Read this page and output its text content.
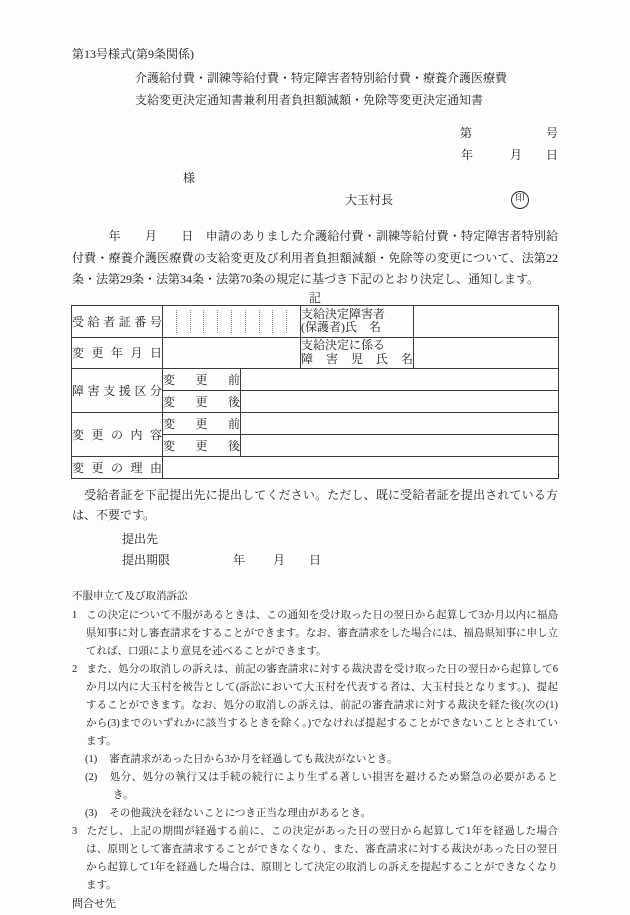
第13号様式(第9条関係)
介護給付費・訓練等給付費・特定障害者特別給付費・療養介護医療費
支給変更決定通知書兼利用者負担額減額・免除等変更決定通知書
第	号
年	月 日
様
大玉村長	印
　　　年　　月　　日　申請のありました介護給付費・訓練等給付費・特定障害者特別給付費・療養介護医療費の支給変更及び利用者負担額減額・免除等の変更について、法第22条・法第29条・法第34条・法第70条の規定に基づき下記のとおり決定し、通知します。
記
受給者証番号			支給決定障害者
(保護者)氏　名	

変更年月日			支給決定に係る
障害児氏名	

障害支援区分	変更前			
	変更後			
変更の内容	変更前			
	変更後			
変更の理由				
　受給者証を下記提出先に提出してください。ただし、既に受給者証を提出されている方は、不要です。
提出先
提出期限	年 月 日
不服申立て及び取消訴訟
1 この決定について不服があるときは、この通知を受け取った日の翌日から起算して3か月以内に福島県知事に対し審査請求をすることができます。なお、審査請求をした場合には、福島県知事に申し立てれば、口頭により意見を述べることができます。
2 また、処分の取消しの訴えは、前記の審査請求に対する裁決書を受け取った日の翌日から起算して6か月以内に大玉村を被告として(訴訟において大玉村を代表する者は、大玉村長となります。)、提起することができます。なお、処分の取消しの訴えは、前記の審査請求に対する裁決を経た後(次の(1)から(3)までのいずれかに該当するときを除く。)でなければ提起することができないこととされています。
(1) 審査請求があった日から3か月を経過しても裁決がないとき。
(2) 処分、処分の執行又は手続の続行により生ずる著しい損害を避けるため緊急の必要があるとき。
(3) その他裁決を経ないことにつき正当な理由があるとき。
3 ただし、上記の期間が経過する前に、この決定があった日の翌日から起算して1年を経過した場合は、原則として審査請求することができなくなり、また、審査請求に対する裁決があった日の翌日から起算して1年を経過した場合は、原則として決定の取消しの訴えを提起することができなくなります。
問合せ先
